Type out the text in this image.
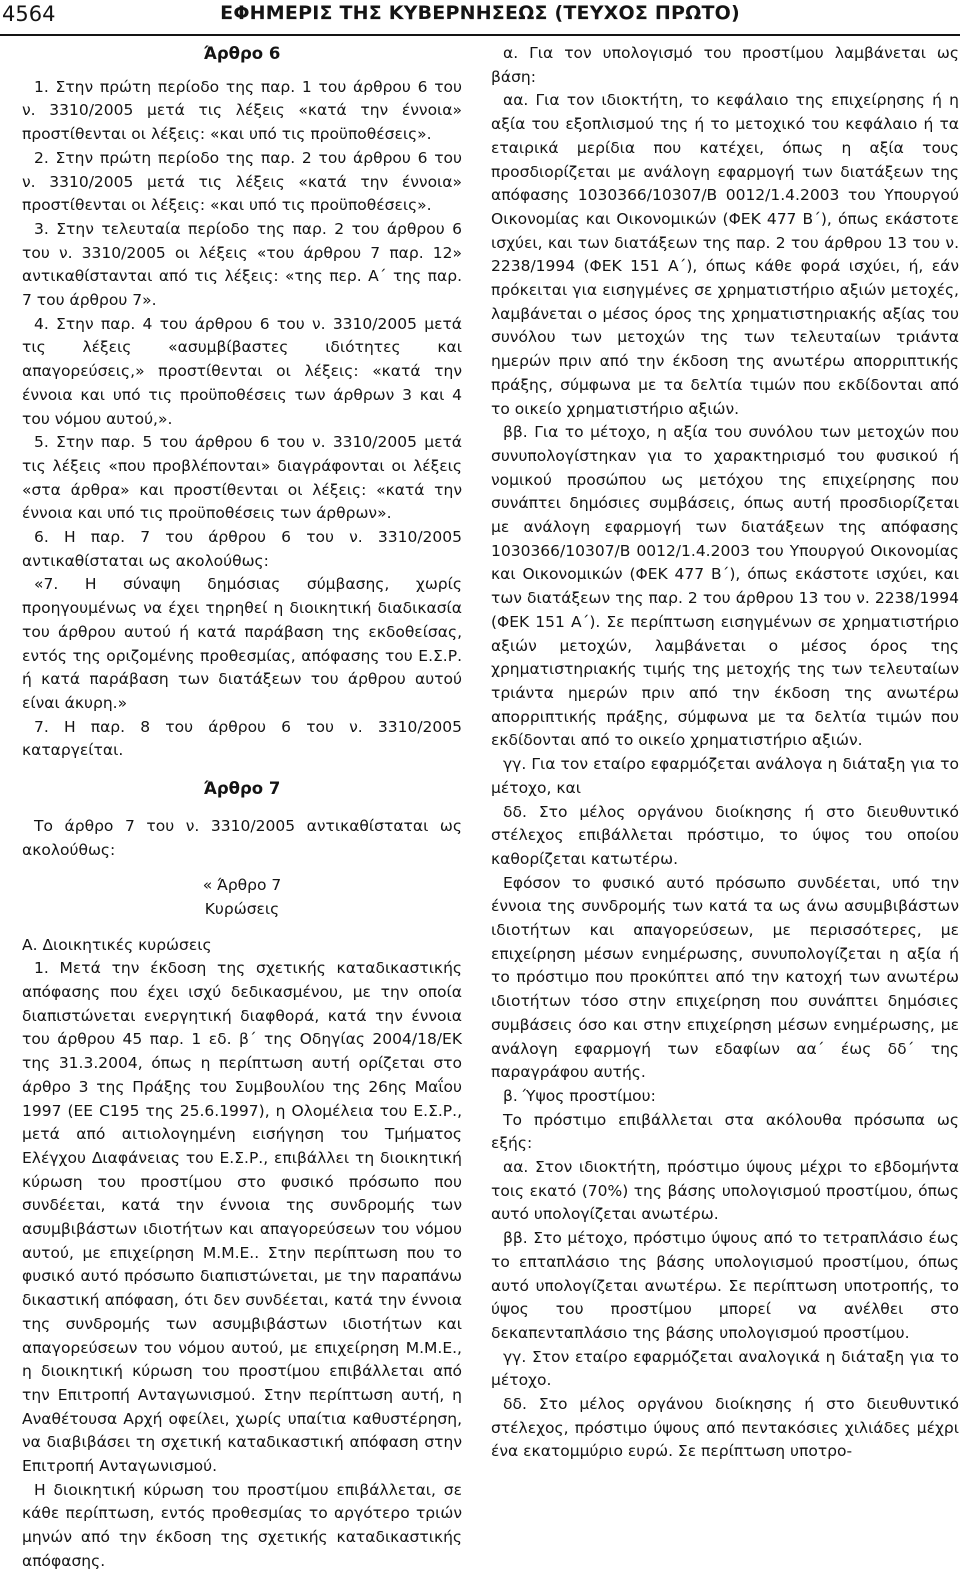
4564	ΕΦΗΜΕΡΙΣ ΤΗΣ ΚΥΒΕΡΝΗΣΕΩΣ (ΤΕΥΧΟΣ ΠΡΩΤΟ)

Άρθρο 6

1. Στην πρώτη περίοδο της παρ. 1 του άρθρου 6 του ν. 3310/2005 μετά τις λέξεις «κατά την έννοια» προστίθενται οι λέξεις: «και υπό τις προϋποθέσεις».

2. Στην πρώτη περίοδο της παρ. 2 του άρθρου 6 του ν. 3310/2005 μετά τις λέξεις «κατά την έννοια» προστίθενται οι λέξεις: «και υπό τις προϋποθέσεις».

3. Στην τελευταία περίοδο της παρ. 2 του άρθρου 6 του ν. 3310/2005 οι λέξεις «του άρθρου 7 παρ. 12» αντικαθίστανται από τις λέξεις: «της περ. Α΄ της παρ. 7 του άρθρου 7».

4. Στην παρ. 4 του άρθρου 6 του ν. 3310/2005 μετά τις λέξεις «ασυμβίβαστες ιδιότητες και απαγορεύσεις,» προστίθενται οι λέξεις: «κατά την έννοια και υπό τις προϋποθέσεις των άρθρων 3 και 4 του νόμου αυτού,».

5. Στην παρ. 5 του άρθρου 6 του ν. 3310/2005 μετά τις λέξεις «που προβλέπονται» διαγράφονται οι λέξεις «στα άρθρα» και προστίθενται οι λέξεις: «κατά την έννοια και υπό τις προϋποθέσεις των άρθρων».

6. Η παρ. 7 του άρθρου 6 του ν. 3310/2005 αντικαθίσταται ως ακολούθως:

«7. Η σύναψη δημόσιας σύμβασης, χωρίς προηγουμένως να έχει τηρηθεί η διοικητική διαδικασία του άρθρου αυτού ή κατά παράβαση της εκδοθείσας, εντός της οριζομένης προθεσμίας, απόφασης του Ε.Σ.Ρ. ή κατά παράβαση των διατάξεων του άρθρου αυτού είναι άκυρη.»

7. Η παρ. 8 του άρθρου 6 του ν. 3310/2005 καταργείται.

Άρθρο 7

Το άρθρο 7 του ν. 3310/2005 αντικαθίσταται ως ακολούθως:

« Άρθρο 7

Κυρώσεις

Α. Διοικητικές κυρώσεις

1. Μετά την έκδοση της σχετικής καταδικαστικής απόφασης που έχει ισχύ δεδικασμένου, με την οποία διαπιστώνεται ενεργητική διαφθορά, κατά την έννοια του άρθρου 45 παρ. 1 εδ. β΄ της Οδηγίας 2004/18/ΕΚ της 31.3.2004, όπως η περίπτωση αυτή ορίζεται στο άρθρο 3 της Πράξης του Συμβουλίου της 26ης Μαΐου 1997 (ΕΕ C195 της 25.6.1997), η Ολομέλεια του Ε.Σ.Ρ., μετά από αιτιολογημένη εισήγηση του Τμήματος Ελέγχου Διαφάνειας του Ε.Σ.Ρ., επιβάλλει τη διοικητική κύρωση του προστίμου στο φυσικό πρόσωπο που συνδέεται, κατά την έννοια της συνδρομής των ασυμβιβάστων ιδιοτήτων και απαγορεύσεων του νόμου αυτού, με επιχείρηση Μ.Μ.Ε.. Στην περίπτωση που το φυσικό αυτό πρόσωπο διαπιστώνεται, με την παραπάνω δικαστική απόφαση, ότι δεν συνδέεται, κατά την έννοια της συνδρομής των ασυμβιβάστων ιδιοτήτων και απαγορεύσεων του νόμου αυτού, με επιχείρηση Μ.Μ.Ε., η διοικητική κύρωση του προστίμου επιβάλλεται από την Επιτροπή Ανταγωνισμού. Στην περίπτωση αυτή, η Αναθέτουσα Αρχή οφείλει, χωρίς υπαίτια καθυστέρηση, να διαβιβάσει τη σχετική καταδικαστική απόφαση στην Επιτροπή Ανταγωνισμού.

Η διοικητική κύρωση του προστίμου επιβάλλεται, σε κάθε περίπτωση, εντός προθεσμίας το αργότερο τριών μηνών από την έκδοση της σχετικής καταδικαστικής απόφασης.

α. Για τον υπολογισμό του προστίμου λαμβάνεται ως βάση:

αα. Για τον ιδιοκτήτη, το κεφάλαιο της επιχείρησης ή η αξία του εξοπλισμού της ή το μετοχικό του κεφάλαιο ή τα εταιρικά μερίδια που κατέχει, όπως η αξία τους προσδιορίζεται με ανάλογη εφαρμογή των διατάξεων της απόφασης 1030366/10307/Β 0012/1.4.2003 του Υπουργού Οικονομίας και Οικονομικών (ΦΕΚ 477 Β΄), όπως εκάστοτε ισχύει, και των διατάξεων της παρ. 2 του άρθρου 13 του ν. 2238/1994 (ΦΕΚ 151 Α΄), όπως κάθε φορά ισχύει, ή, εάν πρόκειται για εισηγμένες σε χρηματιστήριο αξιών μετοχές, λαμβάνεται ο μέσος όρος της χρηματιστηριακής αξίας του συνόλου των μετοχών της των τελευταίων τριάντα ημερών πριν από την έκδοση της ανωτέρω απορριπτικής πράξης, σύμφωνα με τα δελτία τιμών που εκδίδονται από το οικείο χρηματιστήριο αξιών.

ββ. Για το μέτοχο, η αξία του συνόλου των μετοχών που συνυπολογίστηκαν για το χαρακτηρισμό του φυσικού ή νομικού προσώπου ως μετόχου της επιχείρησης που συνάπτει δημόσιες συμβάσεις, όπως αυτή προσδιορίζεται με ανάλογη εφαρμογή των διατάξεων της απόφασης 1030366/10307/Β 0012/1.4.2003 του Υπουργού Οικονομίας και Οικονομικών (ΦΕΚ 477 Β΄), όπως εκάστοτε ισχύει, και των διατάξεων της παρ. 2 του άρθρου 13 του ν. 2238/1994 (ΦΕΚ 151 Α΄). Σε περίπτωση εισηγμένων σε χρηματιστήριο αξιών μετοχών, λαμβάνεται ο μέσος όρος της χρηματιστηριακής τιμής της μετοχής της των τελευταίων τριάντα ημερών πριν από την έκδοση της ανωτέρω απορριπτικής πράξης, σύμφωνα με τα δελτία τιμών που εκδίδονται από το οικείο χρηματιστήριο αξιών.

γγ. Για τον εταίρο εφαρμόζεται ανάλογα η διάταξη για το μέτοχο, και

δδ. Στο μέλος οργάνου διοίκησης ή στο διευθυντικό στέλεχος επιβάλλεται πρόστιμο, το ύψος του οποίου καθορίζεται κατωτέρω.

Εφόσον το φυσικό αυτό πρόσωπο συνδέεται, υπό την έννοια της συνδρομής των κατά τα ως άνω ασυμβιβάστων ιδιοτήτων και απαγορεύσεων, με περισσότερες, με επιχείρηση μέσων ενημέρωσης, συνυπολογίζεται η αξία ή το πρόστιμο που προκύπτει από την κατοχή των ανωτέρω ιδιοτήτων τόσο στην επιχείρηση που συνάπτει δημόσιες συμβάσεις όσο και στην επιχείρηση μέσων ενημέρωσης, με ανάλογη εφαρμογή των εδαφίων αα΄ έως δδ΄ της παραγράφου αυτής.

β. Ύψος προστίμου:

Το πρόστιμο επιβάλλεται στα ακόλουθα πρόσωπα ως εξής:

αα. Στον ιδιοκτήτη, πρόστιμο ύψους μέχρι το εβδομήντα τοις εκατό (70%) της βάσης υπολογισμού προστίμου, όπως αυτό υπολογίζεται ανωτέρω.

ββ. Στο μέτοχο, πρόστιμο ύψους από το τετραπλάσιο έως το επταπλάσιο της βάσης υπολογισμού προστίμου, όπως αυτό υπολογίζεται ανωτέρω. Σε περίπτωση υποτροπής, το ύψος του προστίμου μπορεί να ανέλθει στο δεκαπενταπλάσιο της βάσης υπολογισμού προστίμου.

γγ. Στον εταίρο εφαρμόζεται αναλογικά η διάταξη για το μέτοχο.

δδ. Στο μέλος οργάνου διοίκησης ή στο διευθυντικό στέλεχος, πρόστιμο ύψους από πεντακόσιες χιλιάδες μέχρι ένα εκατομμύριο ευρώ. Σε περίπτωση υποτρο-
